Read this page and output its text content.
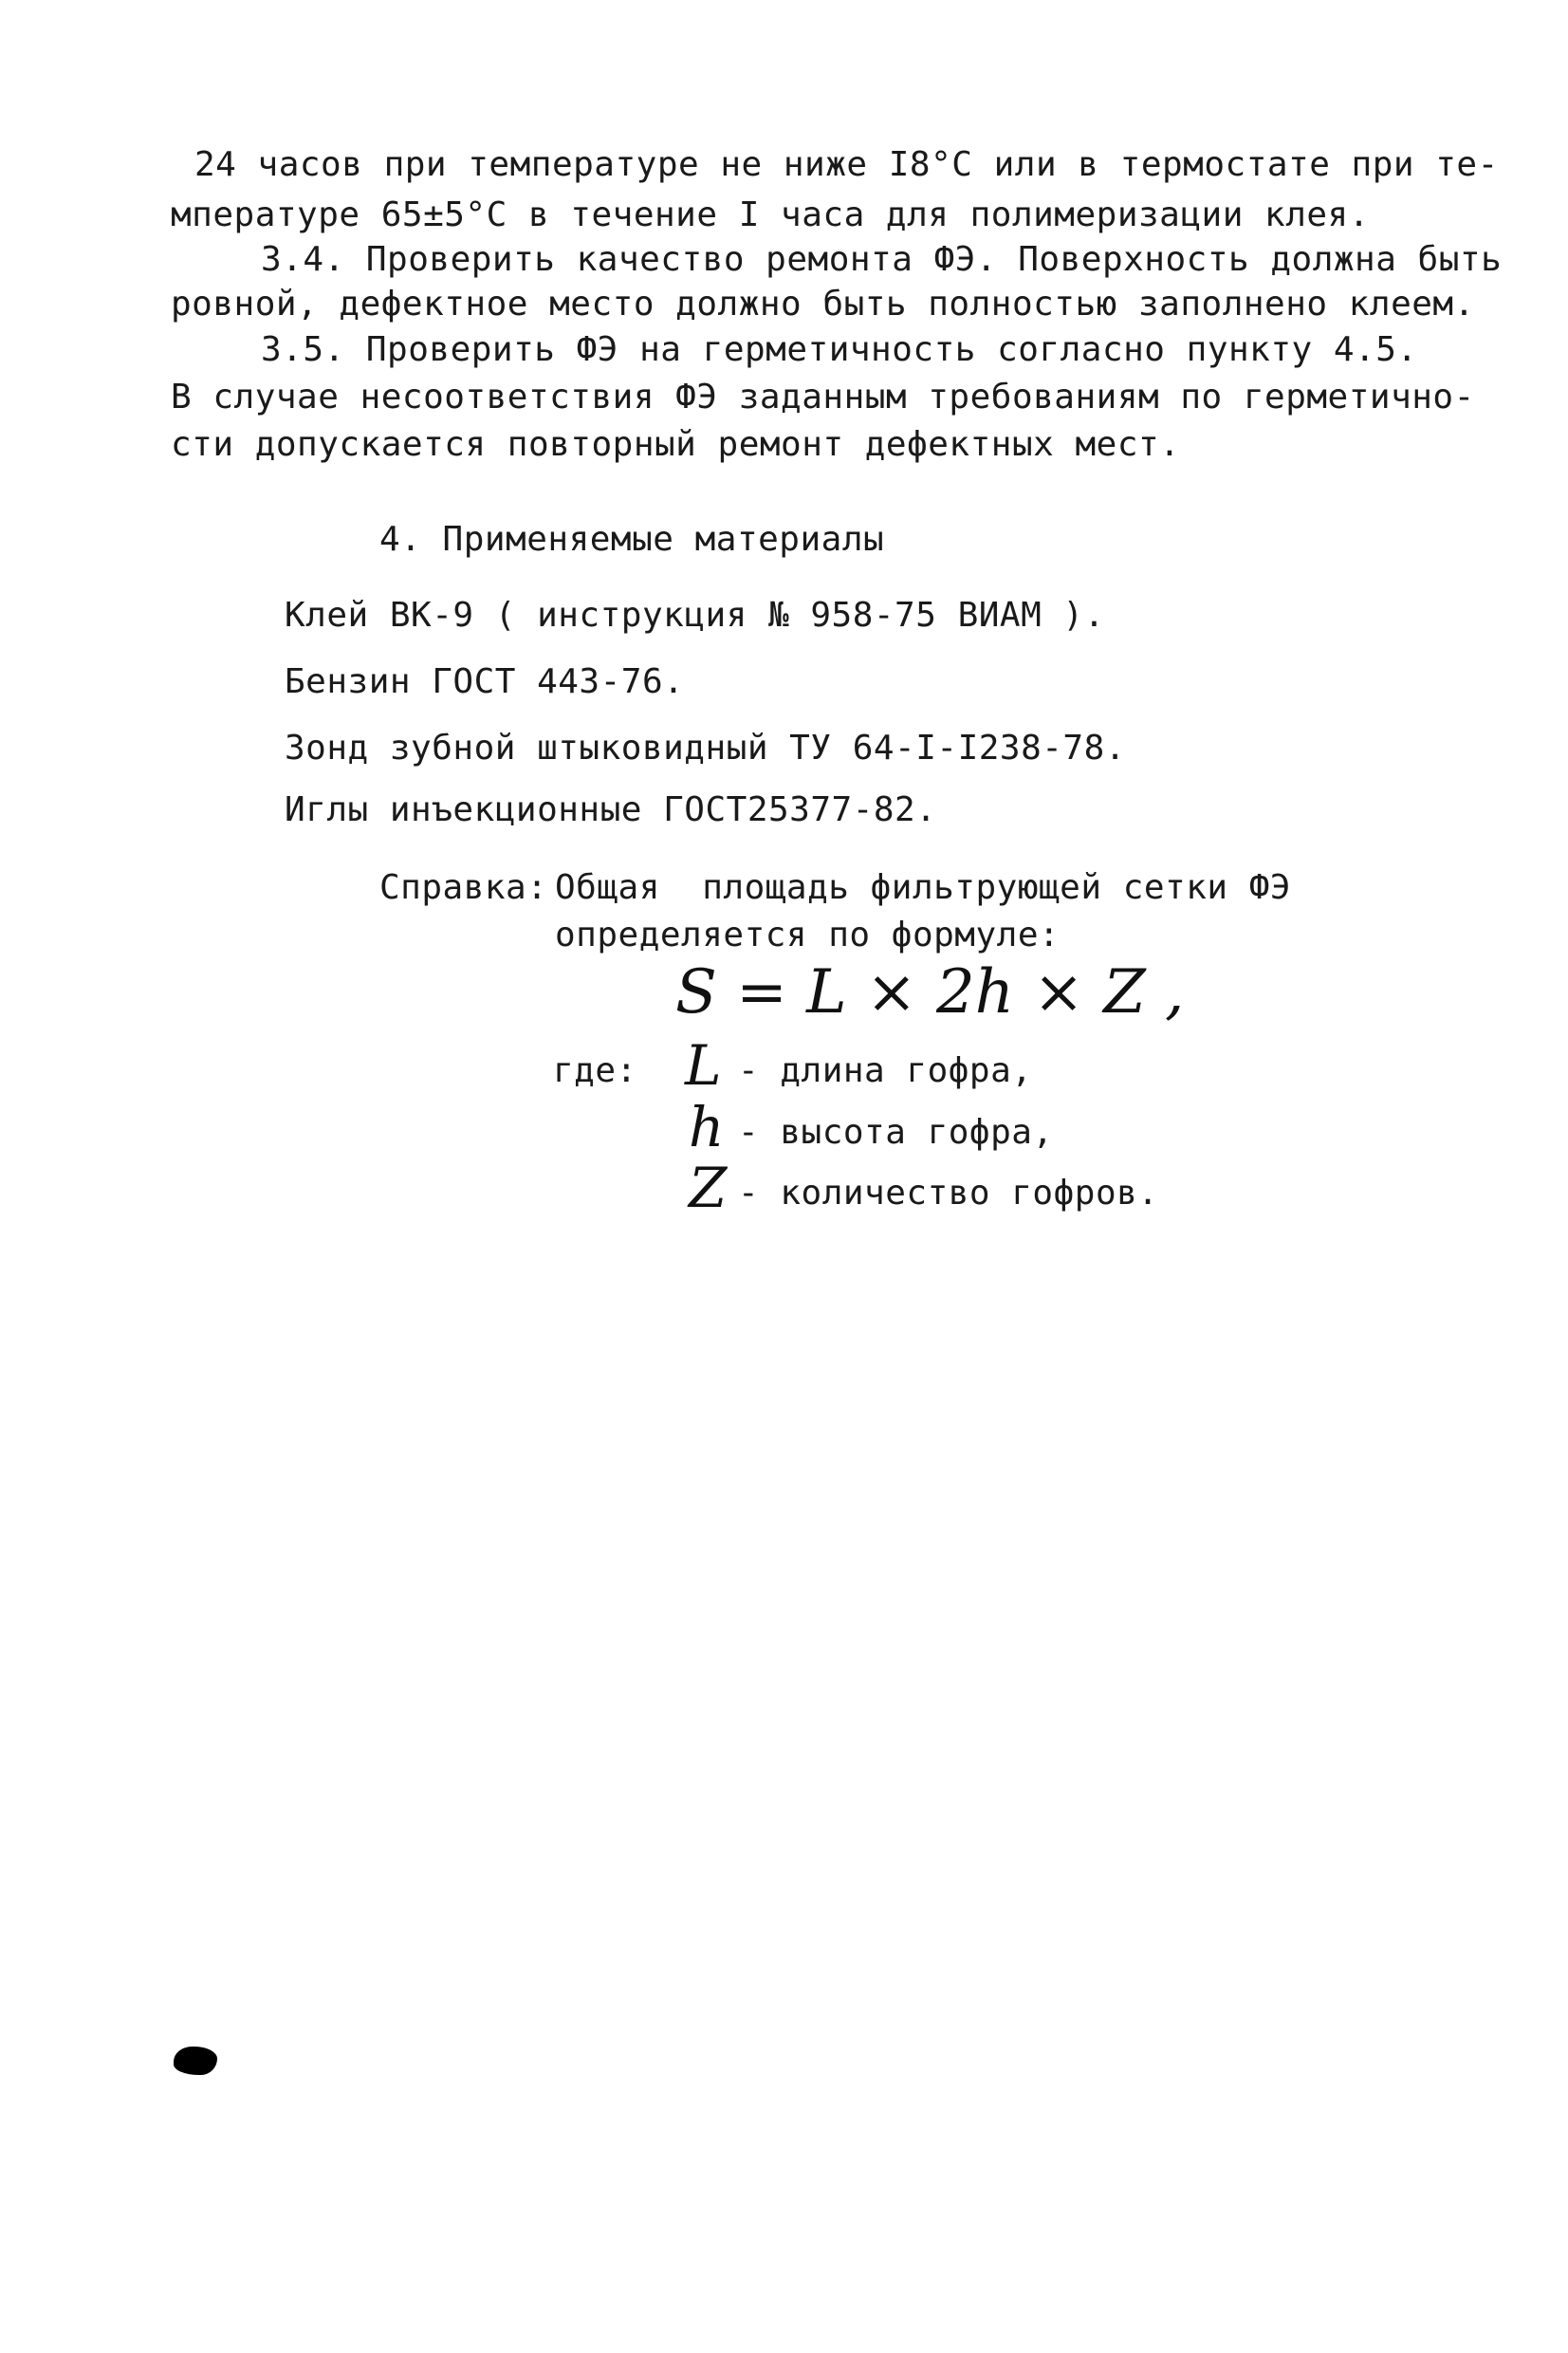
24 часов при температуре не ниже I8°C или в термостате при те-
мпературе 65±5°C в течение I часа для полимеризации клея.
3.4. Проверить качество ремонта ФЭ. Поверхность должна быть
ровной, дефектное место должно быть полностью заполнено клеем.
3.5. Проверить ФЭ на герметичность согласно пункту 4.5.
В случае несоответствия ФЭ заданным требованиям по герметично-
сти допускается повторный ремонт дефектных мест.
4. Применяемые материалы
Клей ВК-9 ( инструкция № 958-75 ВИАМ ).
Бензин ГОСТ 443-76.
Зонд зубной штыковидный ТУ 64-I-I238-78.
Иглы инъекционные ГОСТ25377-82.
Справка: Общая  площадь фильтрующей сетки ФЭ
определяется по формуле:
S = L × 2h × Z ,
где: L - длина гофра,
h - высота гофра,
Z - количество гофров.
